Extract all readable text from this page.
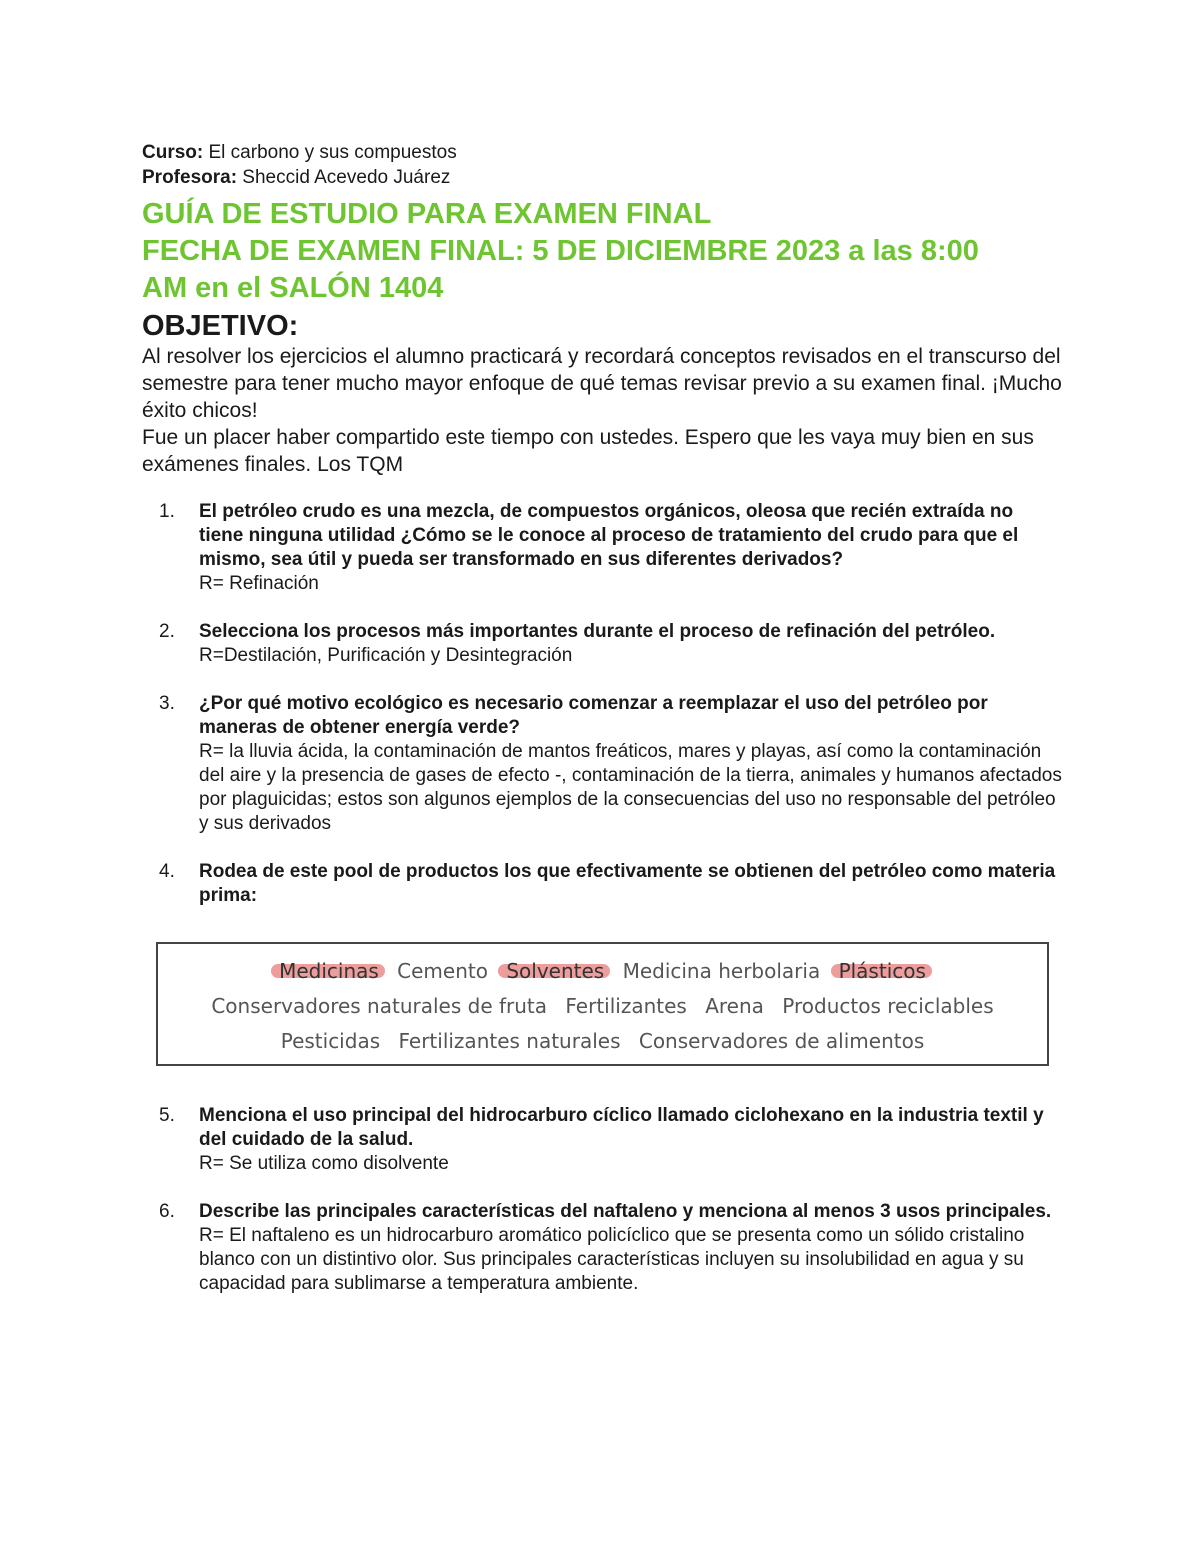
Curso: El carbono y sus compuestos
Profesora: Sheccid Acevedo Juárez
GUÍA DE ESTUDIO PARA EXAMEN FINAL
FECHA DE EXAMEN FINAL: 5 DE DICIEMBRE 2023 a las 8:00
AM en el SALÓN 1404
OBJETIVO:
Al resolver los ejercicios el alumno practicará y recordará conceptos revisados en el transcurso del semestre para tener mucho mayor enfoque de qué temas revisar previo a su examen final. ¡Mucho éxito chicos!
Fue un placer haber compartido este tiempo con ustedes. Espero que les vaya muy bien en sus exámenes finales. Los TQM
1. El petróleo crudo es una mezcla, de compuestos orgánicos, oleosa que recién extraída no tiene ninguna utilidad ¿Cómo se le conoce al proceso de tratamiento del crudo para que el mismo, sea útil y pueda ser transformado en sus diferentes derivados?
R= Refinación
2. Selecciona los procesos más importantes durante el proceso de refinación del petróleo.
R=Destilación, Purificación y Desintegración
3. ¿Por qué motivo ecológico es necesario comenzar a reemplazar el uso del petróleo por maneras de obtener energía verde?
R= la lluvia ácida, la contaminación de mantos freáticos, mares y playas, así como la contaminación del aire y la presencia de gases de efecto -, contaminación de la tierra, animales y humanos afectados por plaguicidas; estos son algunos ejemplos de la consecuencias del uso no responsable del petróleo y sus derivados
4. Rodea de este pool de productos los que efectivamente se obtienen del petróleo como materia prima:
Medicinas Cemento Solventes Medicina herbolaria Plásticos
Conservadores naturales de fruta Fertilizantes Arena Productos reciclables
Pesticidas Fertilizantes naturales Conservadores de alimentos
5. Menciona el uso principal del hidrocarburo cíclico llamado ciclohexano en la industria textil y del cuidado de la salud.
R= Se utiliza como disolvente
6. Describe las principales características del naftaleno y menciona al menos 3 usos principales.
R= El naftaleno es un hidrocarburo aromático policíclico que se presenta como un sólido cristalino blanco con un distintivo olor. Sus principales características incluyen su insolubilidad en agua y su capacidad para sublimarse a temperatura ambiente.
